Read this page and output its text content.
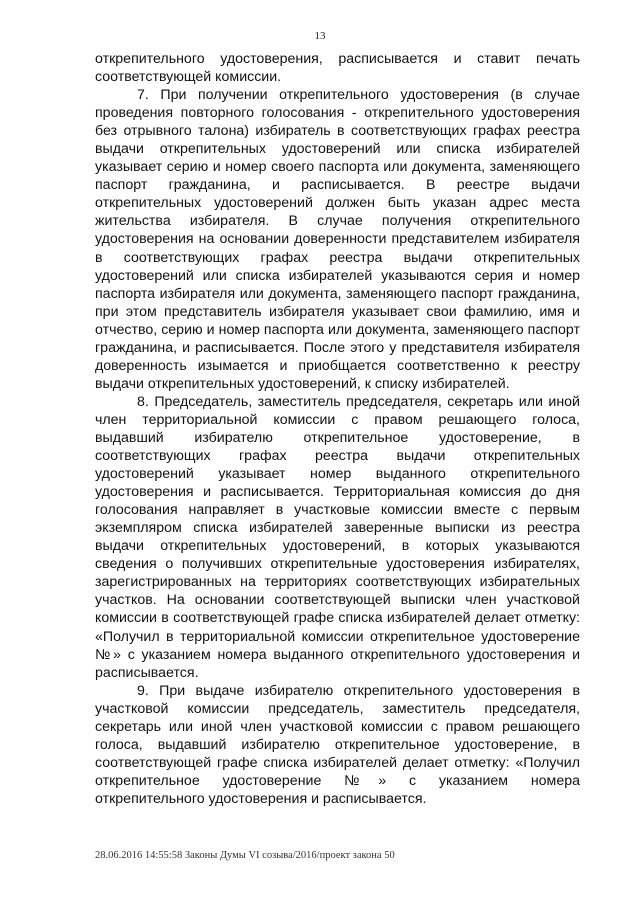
13

открепительного удостоверения, расписывается и ставит печать соответствующей комиссии.

7. При получении открепительного удостоверения (в случае проведения повторного голосования - открепительного удостоверения без отрывного талона) избиратель в соответствующих графах реестра выдачи открепительных удостоверений или списка избирателей указывает серию и номер своего паспорта или документа, заменяющего паспорт гражданина, и расписывается. В реестре выдачи открепительных удостоверений должен быть указан адрес места жительства избирателя. В случае получения открепительного удостоверения на основании доверенности представителем избирателя в соответствующих графах реестра выдачи открепительных удостоверений или списка избирателей указываются серия и номер паспорта избирателя или документа, заменяющего паспорт гражданина, при этом представитель избирателя указывает свои фамилию, имя и отчество, серию и номер паспорта или документа, заменяющего паспорт гражданина, и расписывается. После этого у представителя избирателя доверенность изымается и приобщается соответственно к реестру выдачи открепительных удостоверений, к списку избирателей.

8. Председатель, заместитель председателя, секретарь или иной член территориальной комиссии с правом решающего голоса, выдавший избирателю открепительное удостоверение, в соответствующих графах реестра выдачи открепительных удостоверений указывает номер выданного открепительного удостоверения и расписывается. Территориальная комиссия до дня голосования направляет в участковые комиссии вместе с первым экземпляром списка избирателей заверенные выписки из реестра выдачи открепительных удостоверений, в которых указываются сведения о получивших открепительные удостоверения избирателях, зарегистрированных на территориях соответствующих избирательных участков. На основании соответствующей выписки член участковой комиссии в соответствующей графе списка избирателей делает отметку: «Получил в территориальной комиссии открепительное удостоверение №» с указанием номера выданного открепительного удостоверения и расписывается.

9. При выдаче избирателю открепительного удостоверения в участковой комиссии председатель, заместитель председателя, секретарь или иной член участковой комиссии с правом решающего голоса, выдавший избирателю открепительное удостоверение, в соответствующей графе списка избирателей делает отметку: «Получил открепительное удостоверение №» с указанием номера открепительного удостоверения и расписывается.

28.06.2016 14:55:58 Законы Думы VI созыва/2016/проект закона 50
